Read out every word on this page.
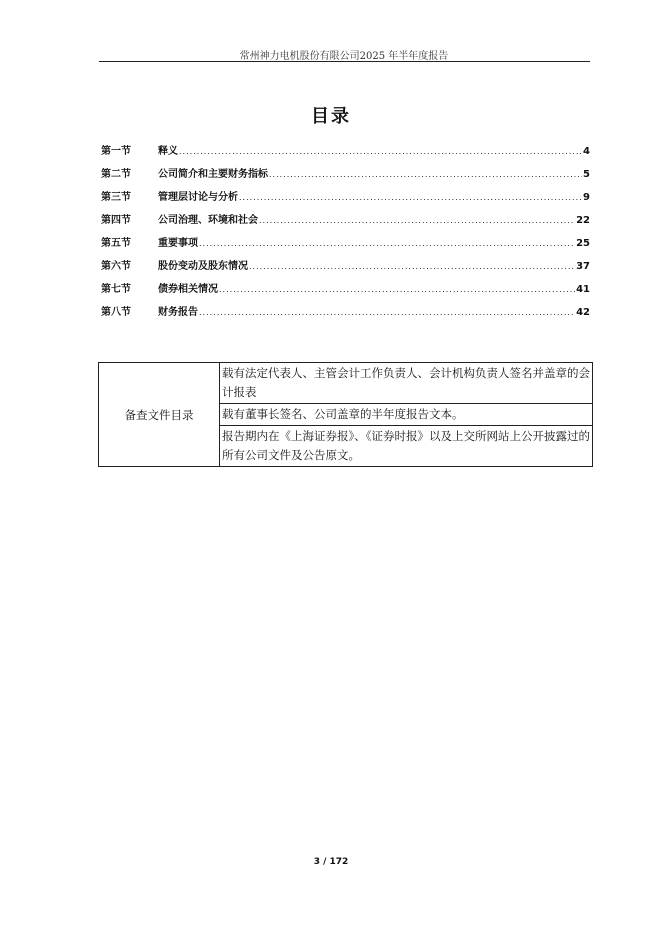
常州神力电机股份有限公司2025 年半年度报告
目录
第一节	释义 .....	4
第二节	公司简介和主要财务指标 .....	5
第三节	管理层讨论与分析 .....	9
第四节	公司治理、环境和社会 .....	22
第五节	重要事项 .....	25
第六节	股份变动及股东情况 .....	37
第七节	债券相关情况 .....	41
第八节	财务报告 .....	42
备查文件目录	载有法定代表人、主管会计工作负责人、会计机构负责人签名并盖章的会计报表
载有董事长签名、公司盖章的半年度报告文本。
报告期内在《上海证券报》、《证券时报》以及上交所网站上公开披露过的所有公司文件及公告原文。
3 / 172
